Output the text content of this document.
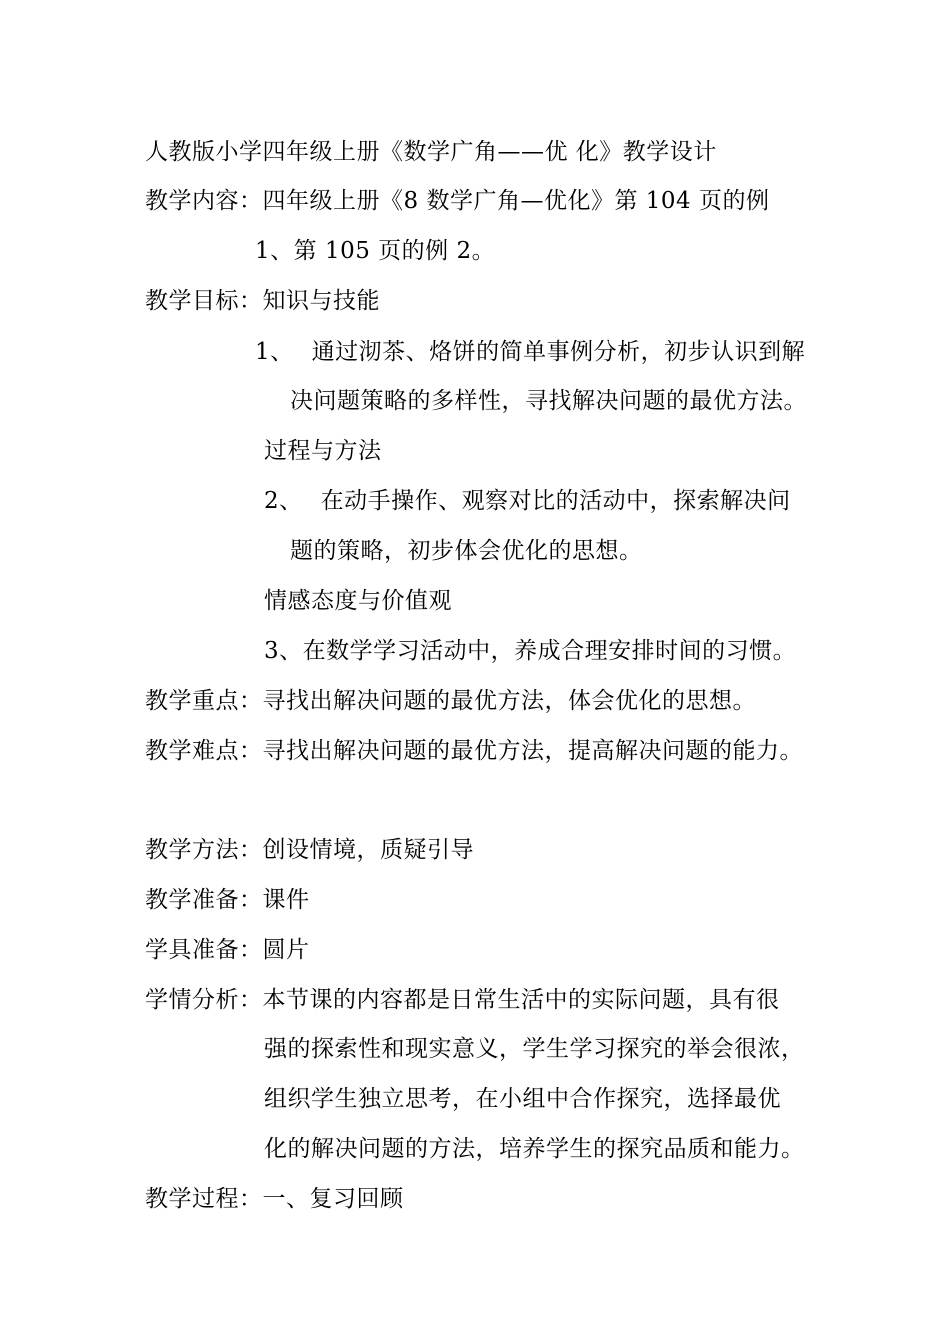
人教版小学四年级上册《数学广角——优 化》教学设计
教学内容：四年级上册《8 数学广角—优化》第 104 页的例
1、第 105 页的例 2。
教学目标：知识与技能
1、 通过沏茶、烙饼的简单事例分析，初步认识到解
决问题策略的多样性，寻找解决问题的最优方法。
过程与方法
2、 在动手操作、观察对比的活动中，探索解决问
题的策略，初步体会优化的思想。
情感态度与价值观
3、在数学学习活动中，养成合理安排时间的习惯。
教学重点：寻找出解决问题的最优方法，体会优化的思想。
教学难点：寻找出解决问题的最优方法，提高解决问题的能力。
教学方法：创设情境，质疑引导
教学准备：课件
学具准备：圆片
学情分析：本节课的内容都是日常生活中的实际问题，具有很
强的探索性和现实意义，学生学习探究的举会很浓，
组织学生独立思考，在小组中合作探究，选择最优
化的解决问题的方法，培养学生的探究品质和能力。
教学过程：一、复习回顾
